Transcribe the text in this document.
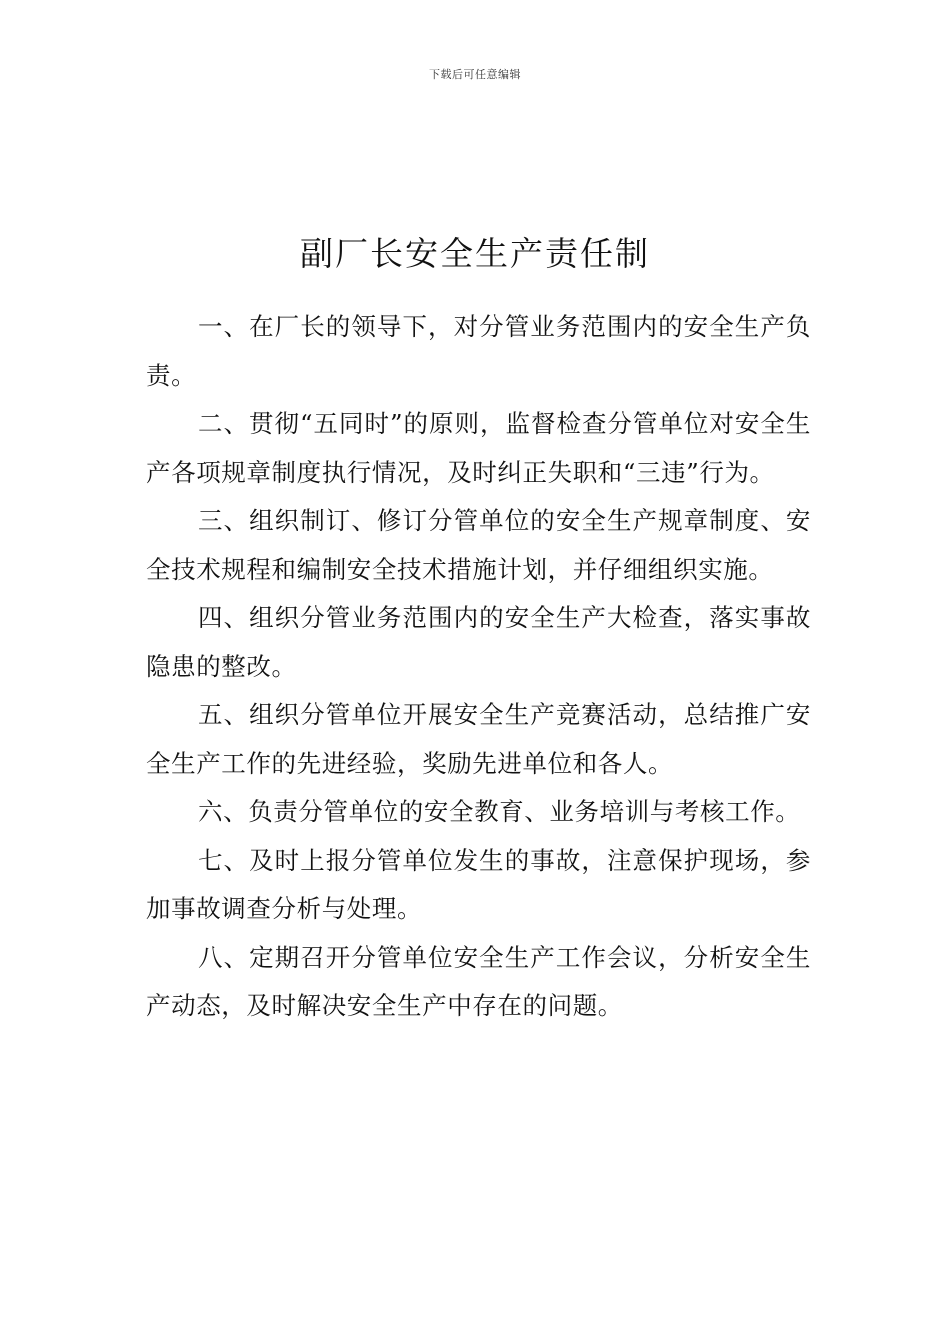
下载后可任意编辑
副厂长安全生产责任制

一、在厂长的领导下，对分管业务范围内的安全生产负责。

二、贯彻“五同时”的原则，监督检查分管单位对安全生产各项规章制度执行情况，及时纠正失职和“三违”行为。

三、组织制订、修订分管单位的安全生产规章制度、安全技术规程和编制安全技术措施计划，并仔细组织实施。

四、组织分管业务范围内的安全生产大检查，落实事故隐患的整改。

五、组织分管单位开展安全生产竞赛活动，总结推广安全生产工作的先进经验，奖励先进单位和各人。

六、负责分管单位的安全教育、业务培训与考核工作。

七、及时上报分管单位发生的事故，注意保护现场，参加事故调查分析与处理。

八、定期召开分管单位安全生产工作会议，分析安全生产动态，及时解决安全生产中存在的问题。
